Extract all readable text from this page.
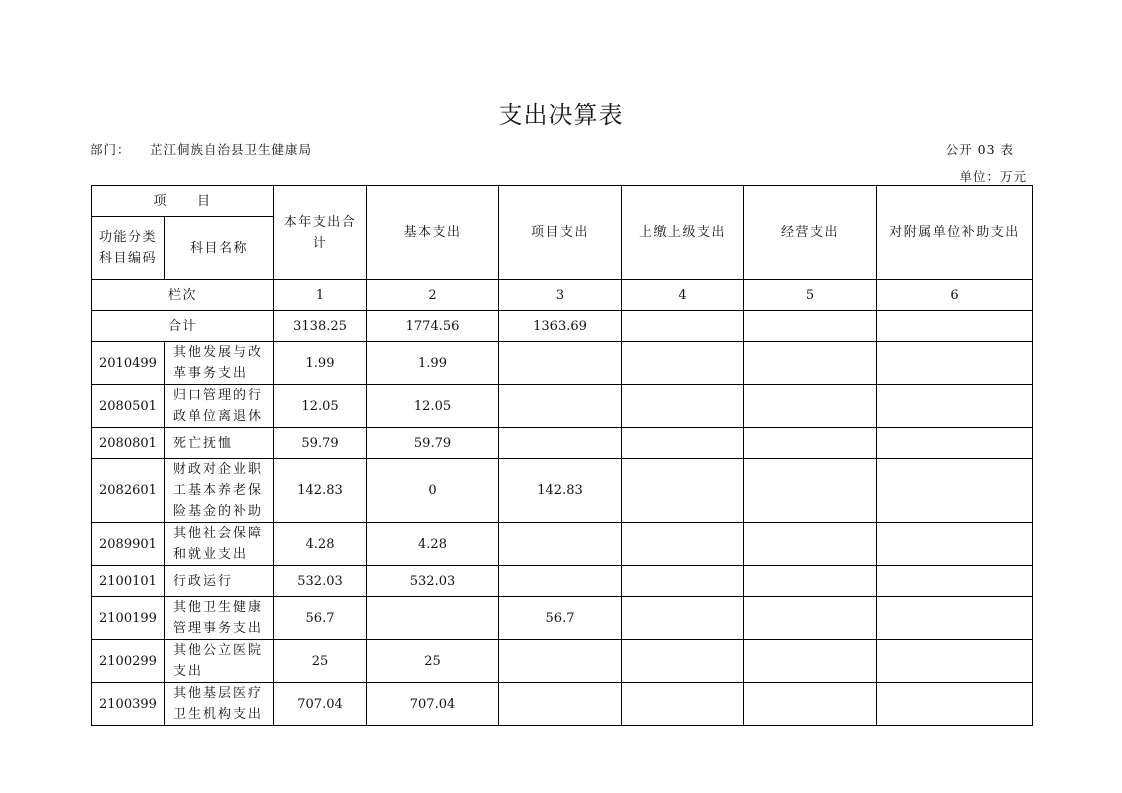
支出决算表
部门： 芷江侗族自治县卫生健康局	公开 03 表
单位：万元
项　　目		本年支出合计	基本支出	项目支出	上缴上级支出	经营支出	对附属单位补助支出
功能分类科目编码	科目名称						
栏次		1	2	3	4	5	6
合计		3138.25	1774.56	1363.69			
2010499	其他发展与改革事务支出	1.99	1.99				
2080501	归口管理的行政单位离退休	12.05	12.05				
2080801	死亡抚恤	59.79	59.79				
2082601	财政对企业职工基本养老保险基金的补助	142.83	0	142.83			
2089901	其他社会保障和就业支出	4.28	4.28				
2100101	行政运行	532.03	532.03				
2100199	其他卫生健康管理事务支出	56.7		56.7			
2100299	其他公立医院支出	25	25				
2100399	其他基层医疗卫生机构支出	707.04	707.04				
